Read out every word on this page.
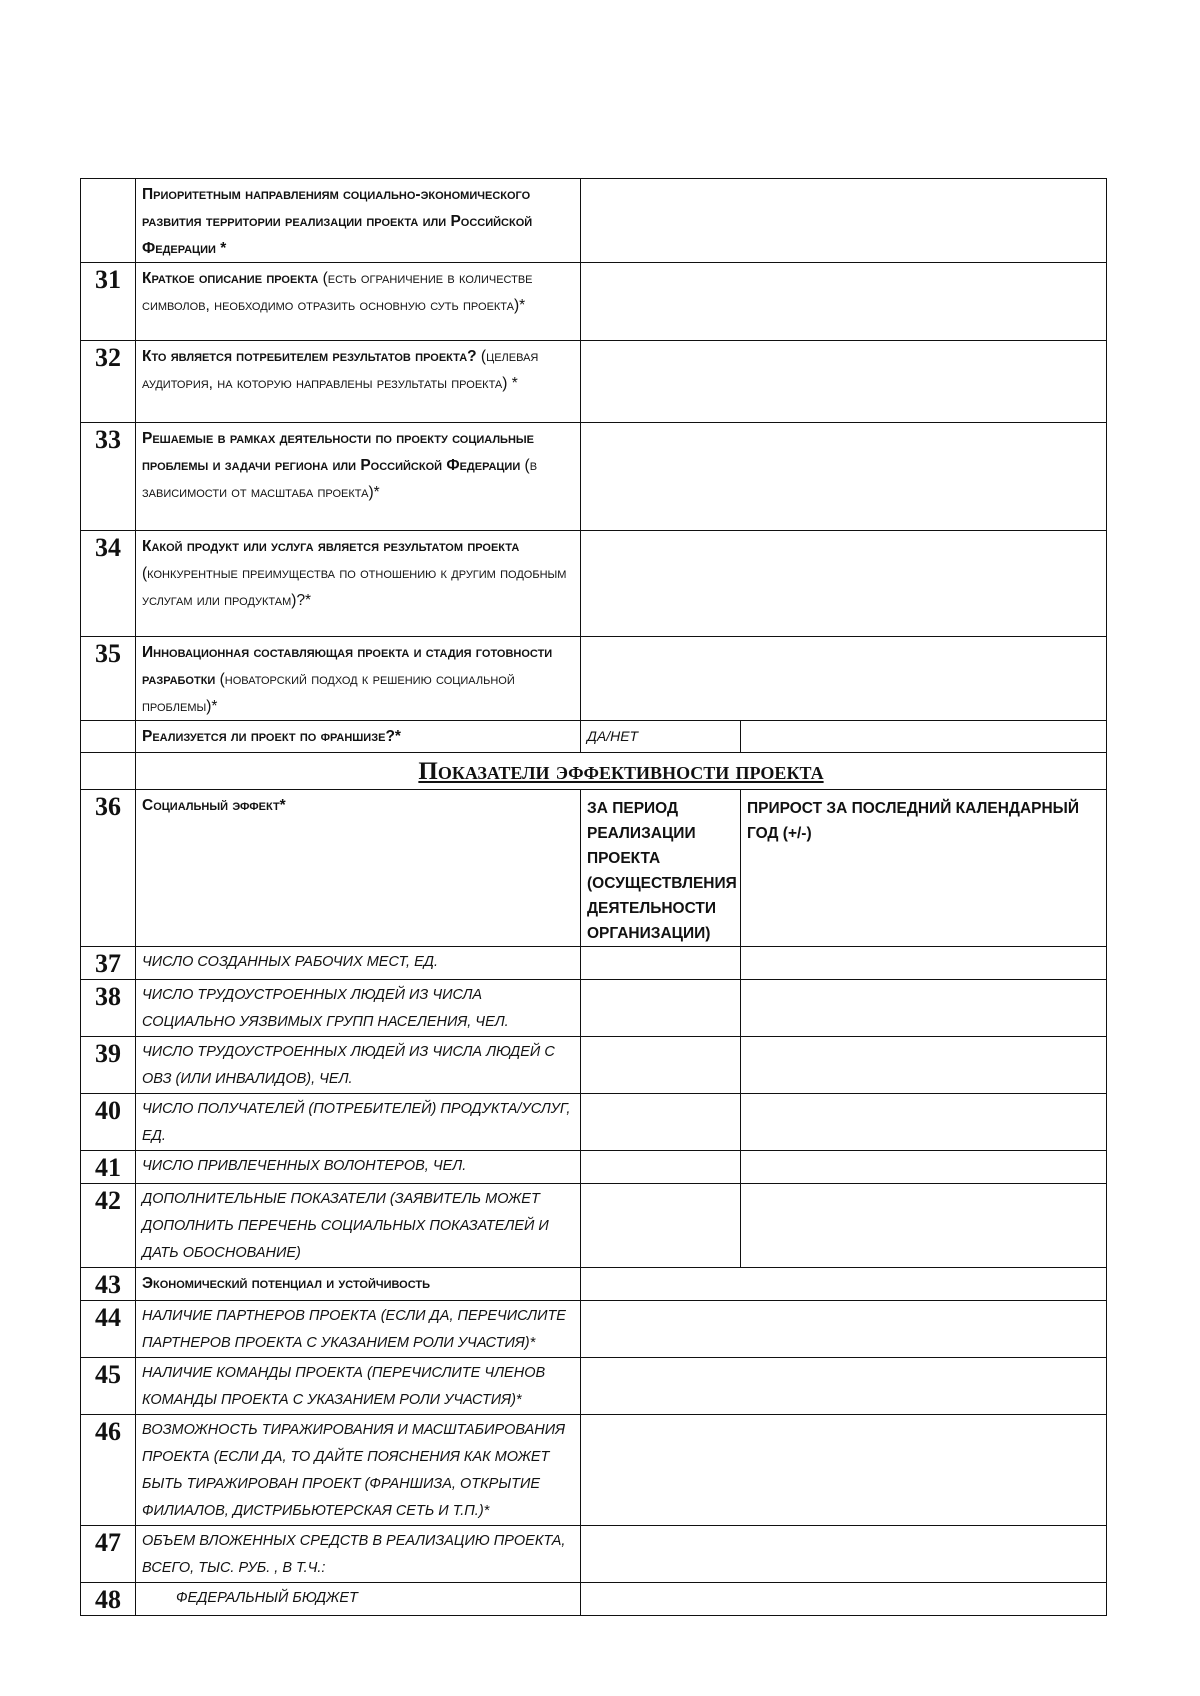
	Приоритетным направлениям социально-экономического развития территории реализации проекта или Российской Федерации *		
31	Краткое описание проекта (есть ограничение в количестве символов, необходимо отразить основную суть проекта)*		
32	Кто является потребителем результатов проекта? (целевая аудитория, на которую направлены результаты проекта) *		
33	Решаемые в рамках деятельности по проекту социальные проблемы и задачи региона или Российской Федерации (в зависимости от масштаба проекта)*		
34	Какой продукт или услуга является результатом проекта (конкурентные преимущества по отношению к другим подобным услугам или продуктам)?*		
35	Инновационная составляющая проекта и стадия готовности разработки (новаторский подход к решению социальной проблемы)*		
	Реализуется ли проект по франшизе?*	ДА/НЕТ	
	Показатели эффективности проекта		
36	Социальный эффект*	ЗА ПЕРИОД РЕАЛИЗАЦИИ ПРОЕКТА (ОСУЩЕСТВЛЕНИЯ ДЕЯТЕЛЬНОСТИ ОРГАНИЗАЦИИ)	ПРИРОСТ ЗА ПОСЛЕДНИЙ КАЛЕНДАРНЫЙ ГОД (+/-)
37	ЧИСЛО СОЗДАННЫХ РАБОЧИХ МЕСТ, ЕД.		
38	ЧИСЛО ТРУДОУСТРОЕННЫХ ЛЮДЕЙ ИЗ ЧИСЛА СОЦИАЛЬНО УЯЗВИМЫХ ГРУПП НАСЕЛЕНИЯ, ЧЕЛ.		
39	ЧИСЛО ТРУДОУСТРОЕННЫХ ЛЮДЕЙ ИЗ ЧИСЛА ЛЮДЕЙ С ОВЗ (ИЛИ ИНВАЛИДОВ), ЧЕЛ.		
40	ЧИСЛО ПОЛУЧАТЕЛЕЙ (ПОТРЕБИТЕЛЕЙ) ПРОДУКТА/УСЛУГ, ЕД.		
41	ЧИСЛО ПРИВЛЕЧЕННЫХ ВОЛОНТЕРОВ, ЧЕЛ.		
42	ДОПОЛНИТЕЛЬНЫЕ ПОКАЗАТЕЛИ (ЗАЯВИТЕЛЬ МОЖЕТ ДОПОЛНИТЬ ПЕРЕЧЕНЬ СОЦИАЛЬНЫХ ПОКАЗАТЕЛЕЙ И ДАТЬ ОБОСНОВАНИЕ)		
43	Экономический потенциал и устойчивость		
44	НАЛИЧИЕ ПАРТНЕРОВ ПРОЕКТА (ЕСЛИ ДА, ПЕРЕЧИСЛИТЕ ПАРТНЕРОВ ПРОЕКТА С УКАЗАНИЕМ РОЛИ УЧАСТИЯ)*		
45	НАЛИЧИЕ КОМАНДЫ ПРОЕКТА (ПЕРЕЧИСЛИТЕ ЧЛЕНОВ КОМАНДЫ ПРОЕКТА С УКАЗАНИЕМ РОЛИ УЧАСТИЯ)*		
46	ВОЗМОЖНОСТЬ ТИРАЖИРОВАНИЯ И МАСШТАБИРОВАНИЯ ПРОЕКТА (ЕСЛИ ДА, ТО ДАЙТЕ ПОЯСНЕНИЯ КАК МОЖЕТ БЫТЬ ТИРАЖИРОВАН ПРОЕКТ (ФРАНШИЗА, ОТКРЫТИЕ ФИЛИАЛОВ, ДИСТРИБЬЮТЕРСКАЯ СЕТЬ И Т.П.)*		
47	ОБЪЕМ ВЛОЖЕННЫХ СРЕДСТВ В РЕАЛИЗАЦИЮ ПРОЕКТА, ВСЕГО, ТЫС. РУБ. , В Т.Ч.:		
48	ФЕДЕРАЛЬНЫЙ БЮДЖЕТ		
